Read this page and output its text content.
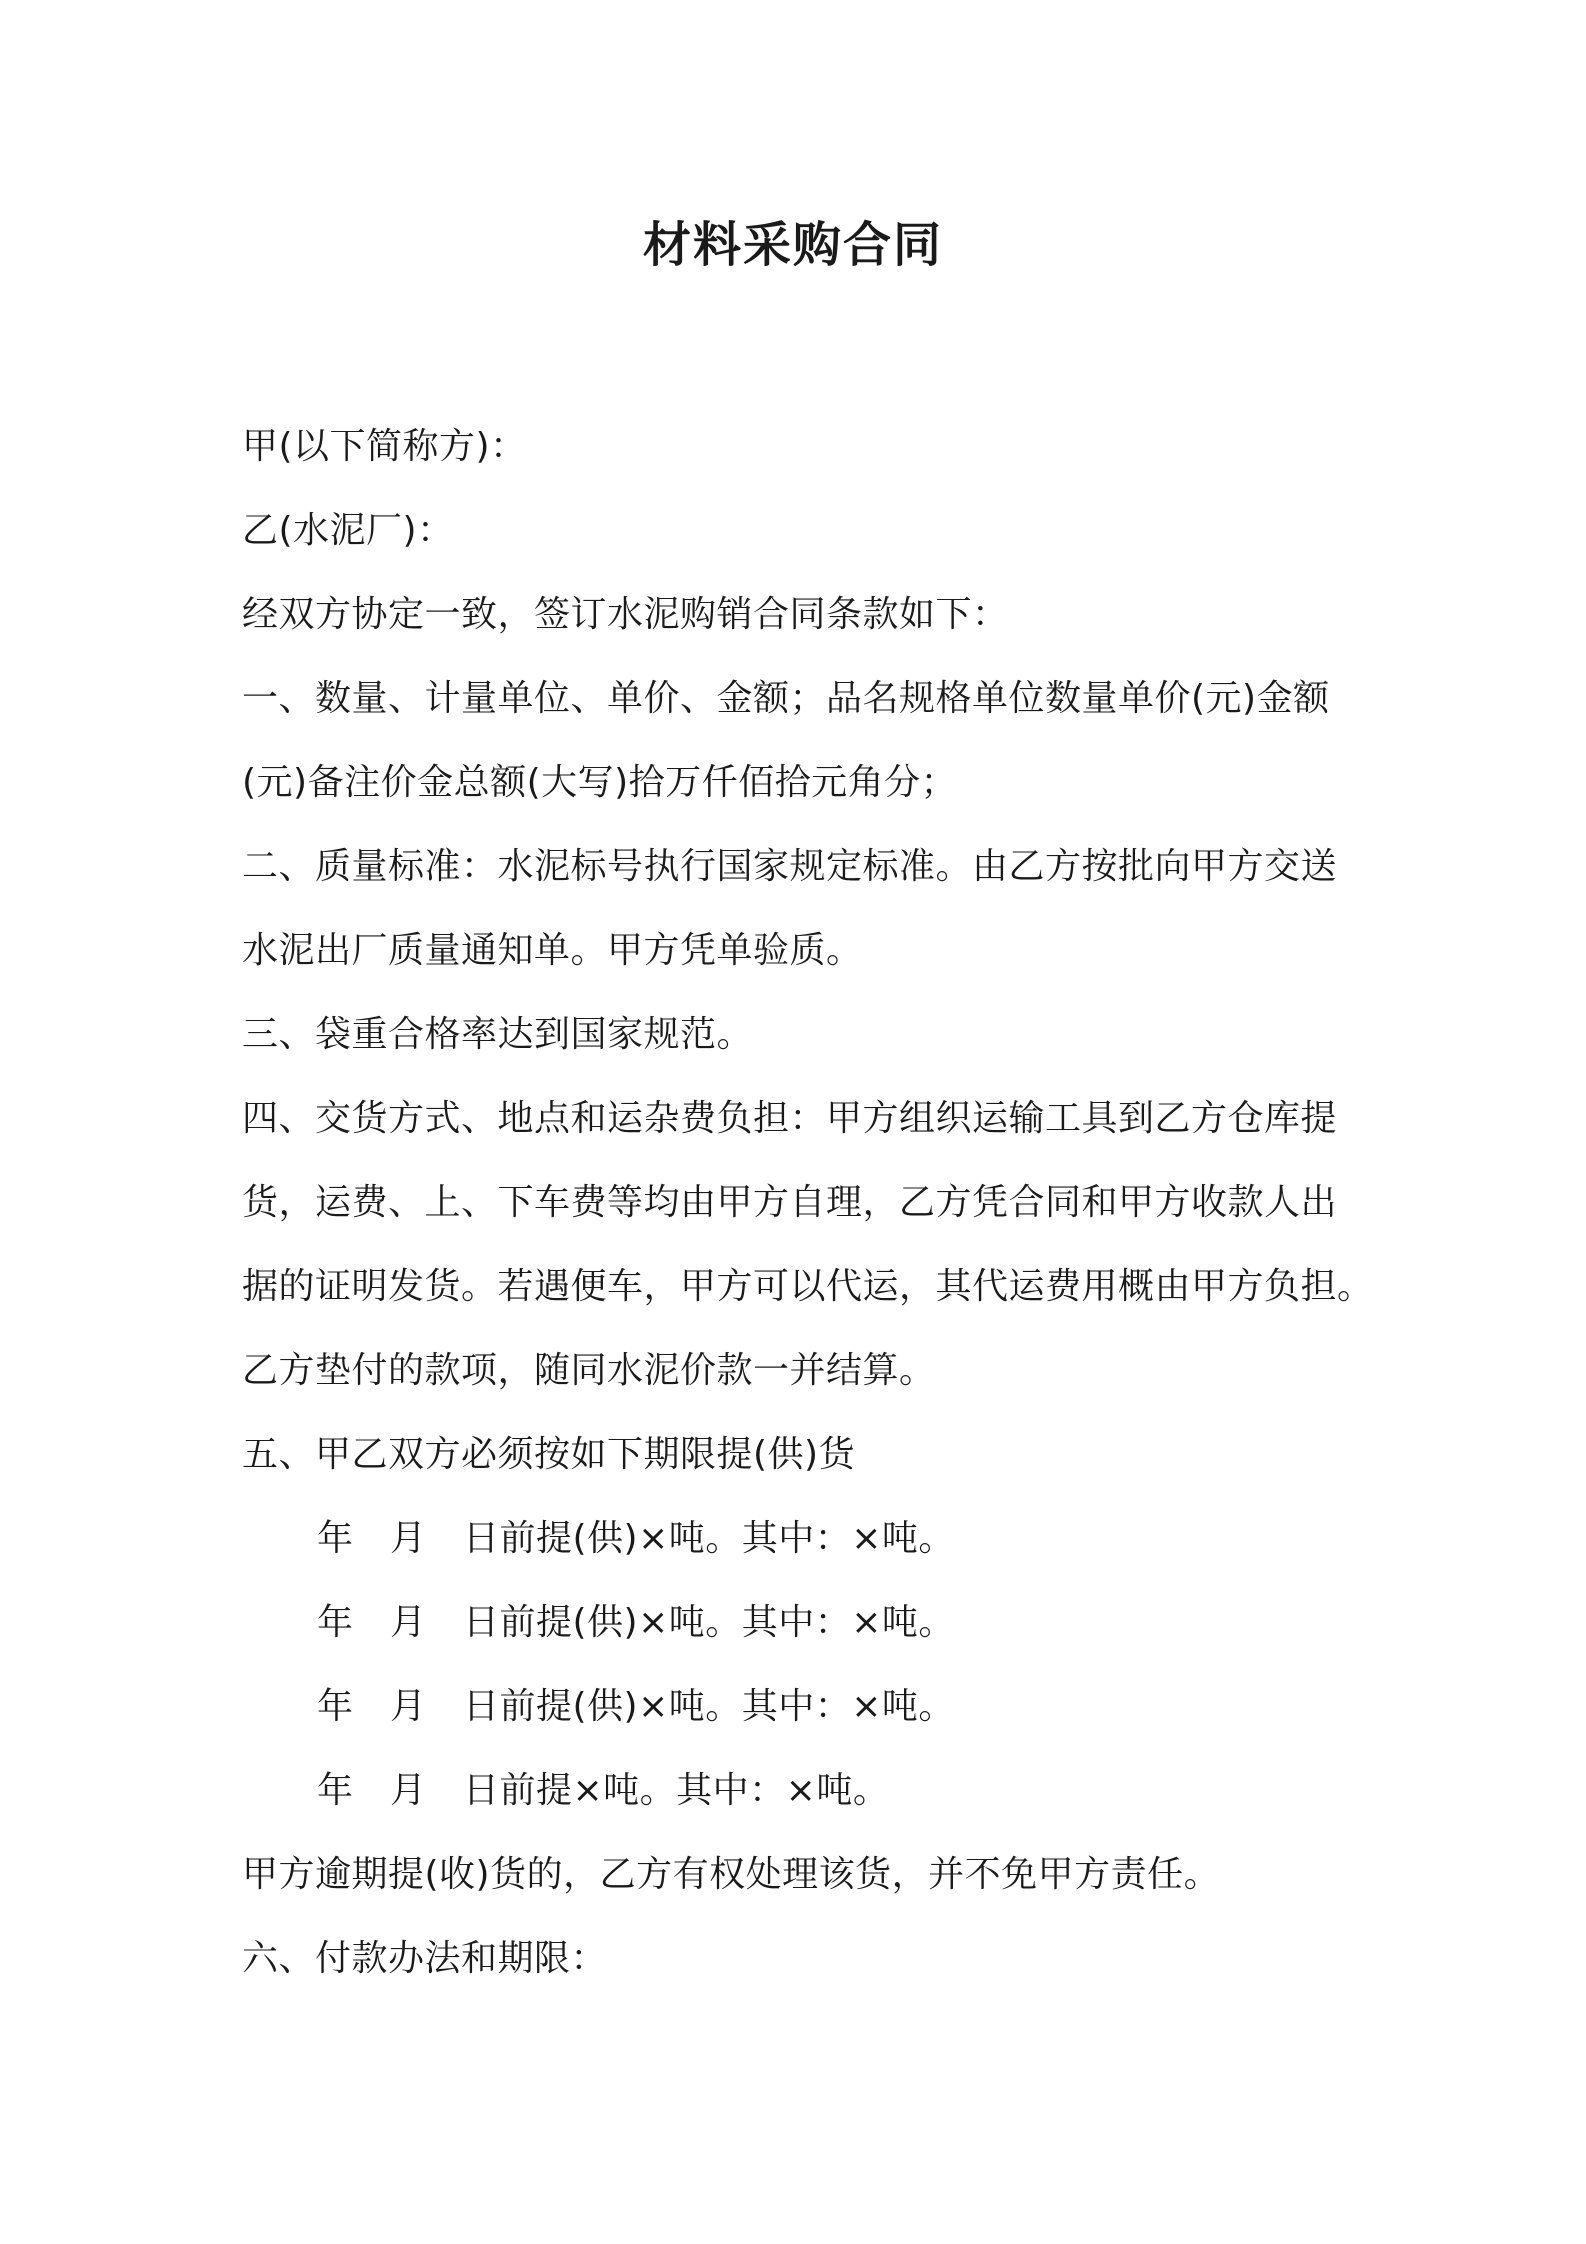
材料采购合同
甲(以下简称方)：
乙(水泥厂)：
经双方协定一致，签订水泥购销合同条款如下：
一、数量、计量单位、单价、金额；品名规格单位数量单价(元)金额
(元)备注价金总额(大写)拾万仟佰拾元角分；
二、质量标准：水泥标号执行国家规定标准。由乙方按批向甲方交送
水泥出厂质量通知单。甲方凭单验质。
三、袋重合格率达到国家规范。
四、交货方式、地点和运杂费负担：甲方组织运输工具到乙方仓库提
货，运费、上、下车费等均由甲方自理，乙方凭合同和甲方收款人出
据的证明发货。若遇便车，甲方可以代运，其代运费用概由甲方负担。
乙方垫付的款项，随同水泥价款一并结算。
五、甲乙双方必须按如下期限提(供)货
年　月　日前提(供)×吨。其中：×吨。
年　月　日前提(供)×吨。其中：×吨。
年　月　日前提(供)×吨。其中：×吨。
年　月　日前提×吨。其中：×吨。
甲方逾期提(收)货的，乙方有权处理该货，并不免甲方责任。
六、付款办法和期限：
